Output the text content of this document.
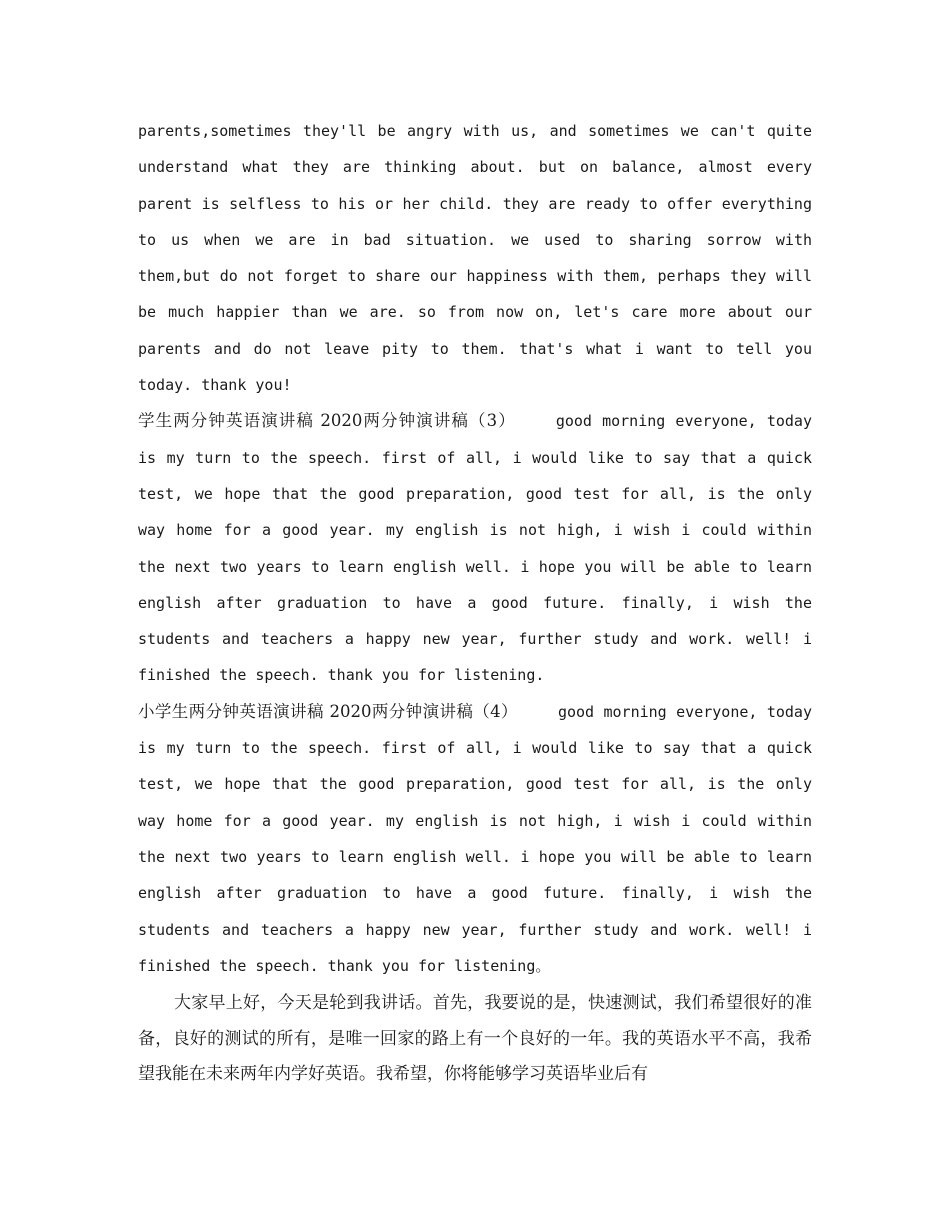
parents,sometimes they'll be angry with us, and sometimes we can't quite understand what they are thinking about. but on balance, almost every parent is selfless to his or her child. they are ready to offer everything to us when we are in bad situation. we used to sharing sorrow with them,but do not forget to share our happiness with them, perhaps they will be much happier than we are. so from now on, let's care more about our parents and do not leave pity to them. that's what i want to tell you today. thank you!

学生两分钟英语演讲稿 2020两分钟演讲稿（3）	good morning everyone, today is my turn to the speech. first of all, i would like to say that a quick test, we hope that the good preparation, good test for all, is the only way home for a good year. my english is not high, i wish i could within the next two years to learn english well. i hope you will be able to learn english after graduation to have a good future. finally, i wish the students and teachers a happy new year, further study and work. well! i finished the speech. thank you for listening.

小学生两分钟英语演讲稿 2020两分钟演讲稿（4）	good morning everyone, today is my turn to the speech. first of all, i would like to say that a quick test, we hope that the good preparation, good test for all, is the only way home for a good year. my english is not high, i wish i could within the next two years to learn english well. i hope you will be able to learn english after graduation to have a good future. finally, i wish the students and teachers a happy new year, further study and work. well! i finished the speech. thank you for listening。

大家早上好，今天是轮到我讲话。首先，我要说的是，快速测试，我们希望很好的准备，良好的测试的所有，是唯一回家的路上有一个良好的一年。我的英语水平不高，我希望我能在未来两年内学好英语。我希望，你将能够学习英语毕业后有
